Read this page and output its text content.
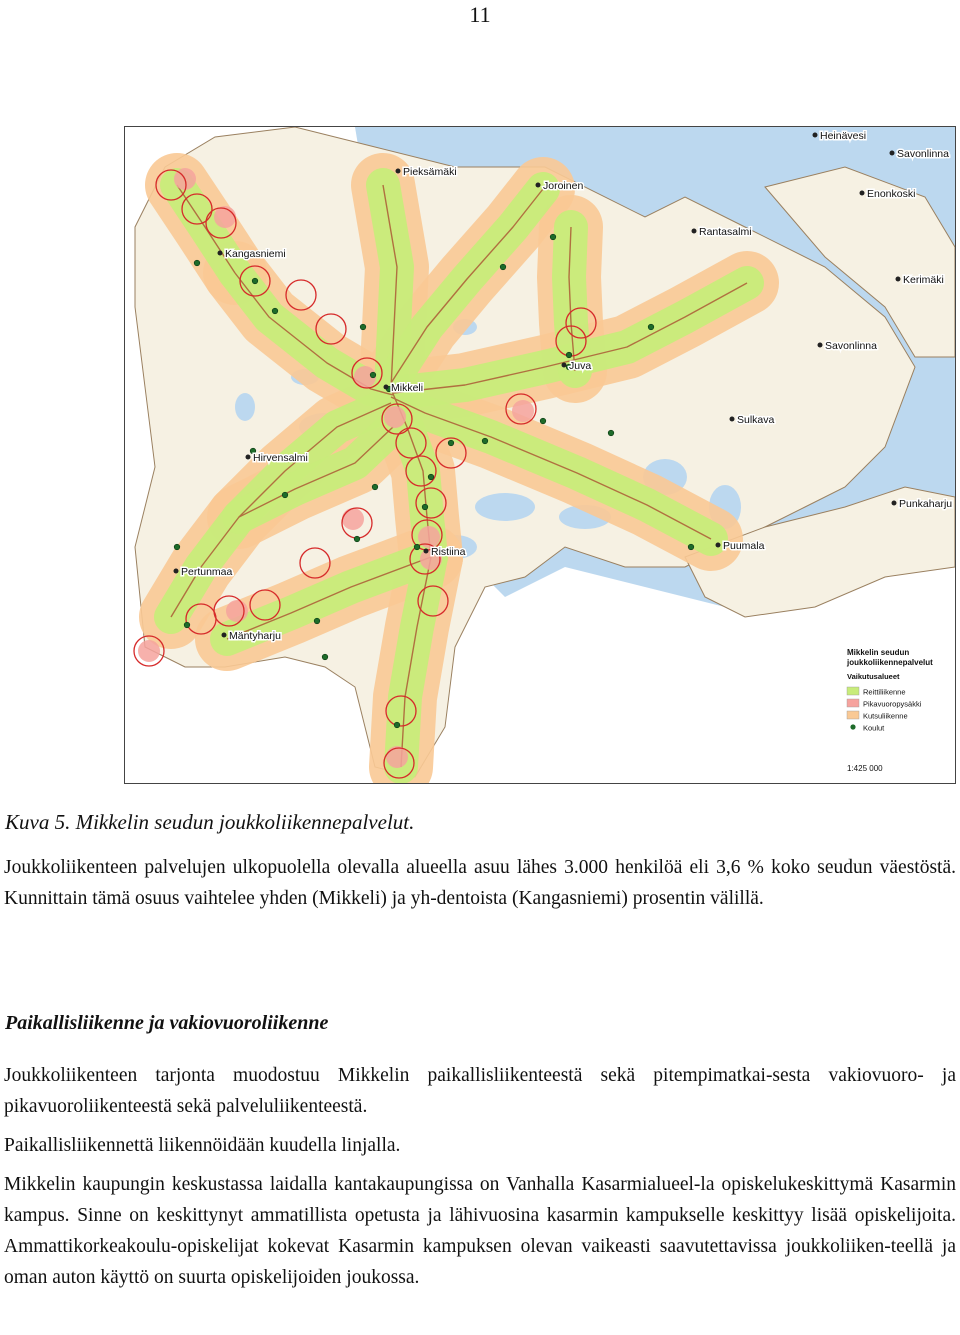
11
Heinävesi
Savonlinna
Pieksämäki
Joroinen
Enonkoski
Rantasalmi
Kangasniemi
Kerimäki
Savonlinna
Juva
Mikkeli
Sulkava
Hirvensalmi
Punkaharju
Puumala
Pertunmaa
Ristiina
Mäntyharju
Mikkelin seudun
joukkoliikennepalvelut
Vaikutusalueet
Reittiliikenne
Pikavuoropysäkki
Kutsuliikenne
Koulut
1:425 000
Kuva 5. Mikkelin seudun joukkoliikennepalvelut.

Joukkoliikenteen palvelujen ulkopuolella olevalla alueella asuu lähes 3.000 henkilöä eli 3,6 % koko seudun väestöstä. Kunnittain tämä osuus vaihtelee yhden (Mikkeli) ja yh-dentoista (Kangasniemi) prosentin välillä.

Paikallisliikenne ja vakiovuoroliikenne

Joukkoliikenteen tarjonta muodostuu Mikkelin paikallisliikenteestä sekä pitempimatkai-sesta vakiovuoro- ja pikavuoroliikenteestä sekä palveluliikenteestä.

Paikallisliikennettä liikennöidään kuudella linjalla.

Mikkelin kaupungin keskustassa laidalla kantakaupungissa on Vanhalla Kasarmialueel-la opiskelukeskittymä Kasarmin kampus. Sinne on keskittynyt ammatillista opetusta ja lähivuosina kasarmin kampukselle keskittyy lisää opiskelijoita. Ammattikorkeakoulu-opiskelijat kokevat Kasarmin kampuksen olevan vaikeasti saavutettavissa joukkoliiken-teellä ja oman auton käyttö on suurta opiskelijoiden joukossa.
